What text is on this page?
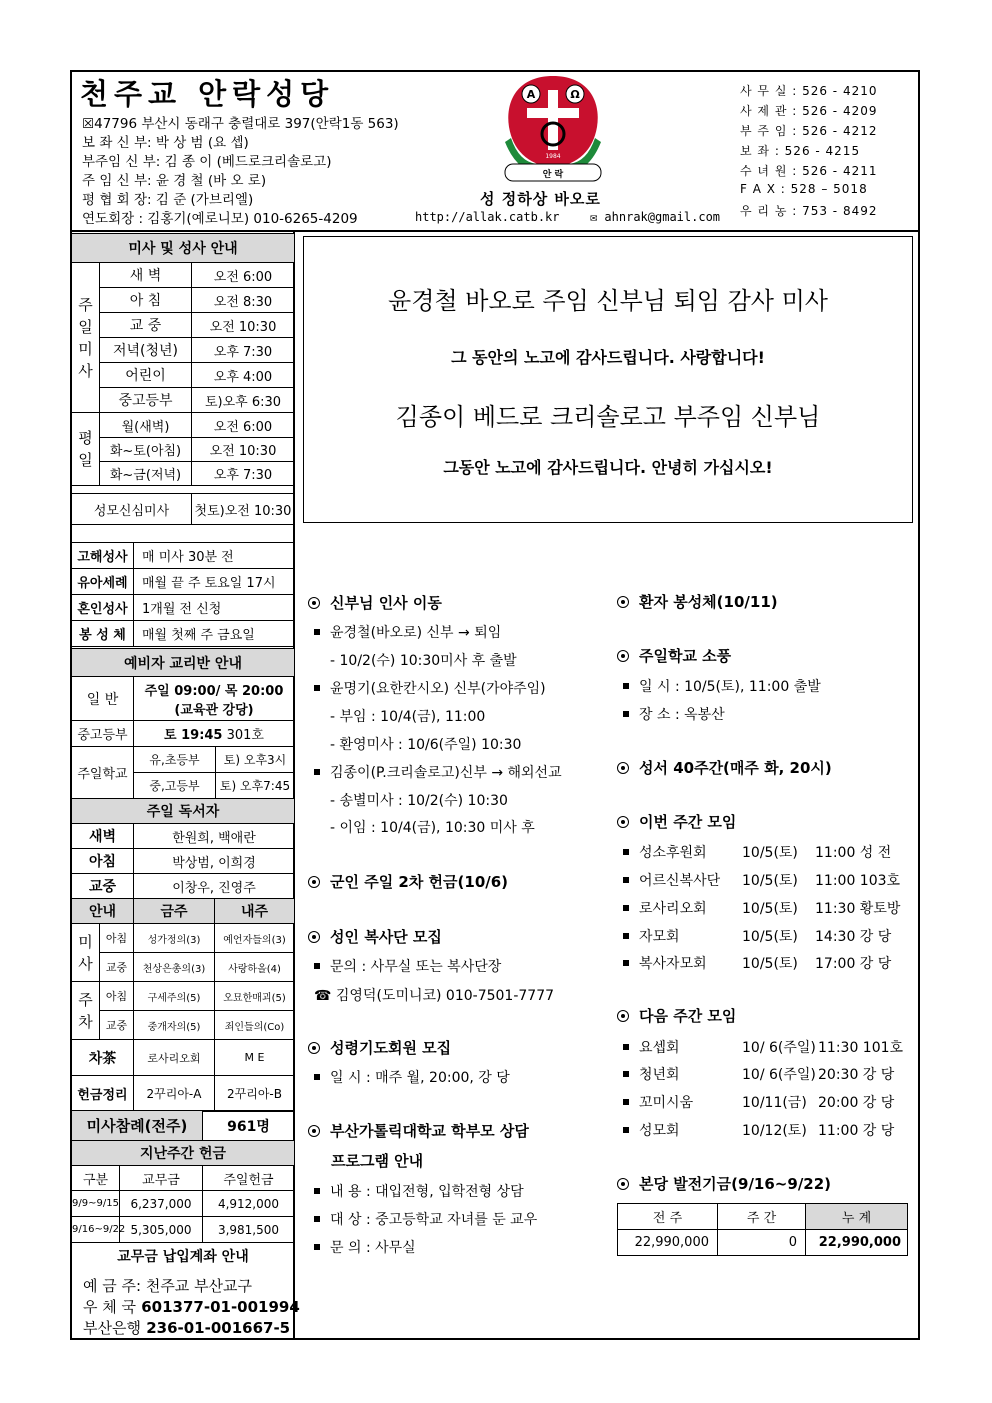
천주교 안락성당
☒47796 부산시 동래구 충렬대로 397(안락1동 563)
보 좌 신 부: 박 상 범 (요 셉)
부주임 신 부: 김 종 이 (베드로크리솔로고)
주 임 신 부: 윤 경 철 (바 오 로)
평 협 회 장: 김 준 (가브리엘)
연도회장 : 김홍기(예로니모) 010-6265-4209
A	Ω
안 락
1984
성 정하상 바오로
http://allak.catb.kr	✉ ahnrak@gmail.com
사 무 실 : 526 - 4210
사 제 관 : 526 - 4209
부 주 임 : 526 - 4212
보 좌 : 526 - 4215
수 녀 원 : 526 - 4211
F A X : 528 – 5018
우 리 농 : 753 - 8492
미사 및 성사 안내		

주
일
미
사	새 벽	오전 6:00
	아 침	오전 8:30
	교 중	오전 10:30
	저녁(청년)	오후 7:30
	어린이	오후 4:00
	중고등부	토)오후 6:30

평
일	월(새벽)	오전 6:00
	화~토(아침)	오전 10:30
	화~금(저녁)	오후 7:30

성모신심미사		첫토)오전 10:30
고해성사	매 미사 30분 전
유아세례	매월 끝 주 토요일 17시
혼인성사	1개월 전 신청
봉 성 체	매월 첫째 주 금요일
예비자 교리반 안내		
일 반	주일 09:00/ 목 20:00
(교육관 강당)	

중고등부	토 19:45 301호	
주일학교	유,초등부	토) 오후3시
	중,고등부	토) 오후7:45
주일 독서자			
새벽		한원희, 백애란	
아침		박상범, 이희경	
교중		이창우, 진영주	
안내		금주	내주

미
사	아침	성가정의(3)	예언자들의(3)
	교중	천상은총의(3)	사랑하올(4)

주
차	아침	구세주의(5)	오묘한매괴(5)
	교중	중개자의(5)	죄인들의(Co)
차茶		로사리오회	M E
헌금정리		2꾸리아-A	2꾸리아-B
미사참례(전주)		961명
지난주간 헌금		
구분	교무금	주일헌금
9/9~9/15	6,237,000	4,912,000
9/16~9/22	5,305,000	3,981,500
교무금 납입계좌 안내		
예 금 주: 천주교 부산교구
우 체 국 601377-01-001994
부산은행 236-01-001667-5
윤경철 바오로 주임 신부님 퇴임 감사 미사
그 동안의 노고에 감사드립니다. 사랑합니다!
김종이 베드로 크리솔로고 부주임 신부님
그동안 노고에 감사드립니다. 안녕히 가십시오!
신부님 인사 이동
윤경철(바오로) 신부 → 퇴임
- 10/2(수) 10:30미사 후 출발
윤명기(요한칸시오) 신부(가야주임)
- 부임 : 10/4(금), 11:00
- 환영미사 : 10/6(주일) 10:30
김종이(P.크리솔로고)신부 → 해외선교
- 송별미사 : 10/2(수) 10:30
- 이임 : 10/4(금), 10:30 미사 후
군인 주일 2차 헌금(10/6)
성인 복사단 모집
문의 : 사무실 또는 복사단장
☎ 김영덕(도미니코) 010-7501-7777
성령기도회원 모집
일 시 : 매주 월, 20:00, 강 당
부산가톨릭대학교 학부모 상담
프로그램 안내
내 용 : 대입전형, 입학전형 상담
대 상 : 중고등학교 자녀를 둔 교우
문 의 : 사무실
환자 봉성체(10/11)
주일학교 소풍
일 시 : 10/5(토), 11:00 출발
장 소 : 옥봉산
성서 40주간(매주 화, 20시)
이번 주간 모임
성소후원회	10/5(토) 11:00 성 전
어르신복사단 10/5(토) 11:00 103호
로사리오회	10/5(토) 11:30 황토방
자모회	10/5(토) 14:30 강 당
복사자모회	10/5(토) 17:00 강 당
다음 주간 모임
요셉회	10/ 6(주일) 11:30 101호
청년회	10/ 6(주일) 20:30 강 당
꼬미시움	10/11(금) 20:00 강 당
성모회	10/12(토) 11:00 강 당
본당 발전기금(9/16~9/22)
전 주	주 간	누 계
22,990,000	0	22,990,000
